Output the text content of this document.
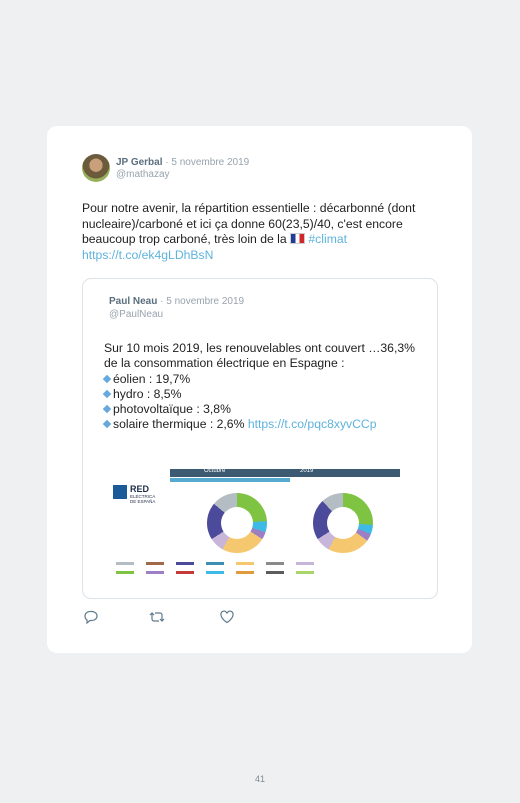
JP Gerbal · 5 novembre 2019
@mathazay
Pour notre avenir, la répartition essentielle : décarbonné (dont nucleaire)/carboné et ici ça donne 60(23,5)/40, c'est encore beaucoup trop carboné, très loin de la #climat
https://t.co/ek4gLDhBsN
Paul Neau · 5 novembre 2019
@PaulNeau
Sur 10 mois 2019, les renouvelables ont couvert …36,3% de la consommation électrique en Espagne :
éolien : 19,7%
hydro : 8,5%
photovoltaïque : 3,8%
solaire thermique : 2,6% https://t.co/pqc8xyvCCp
Octubre	2019
RED
ELÉCTRICA
DE ESPAÑA
41
